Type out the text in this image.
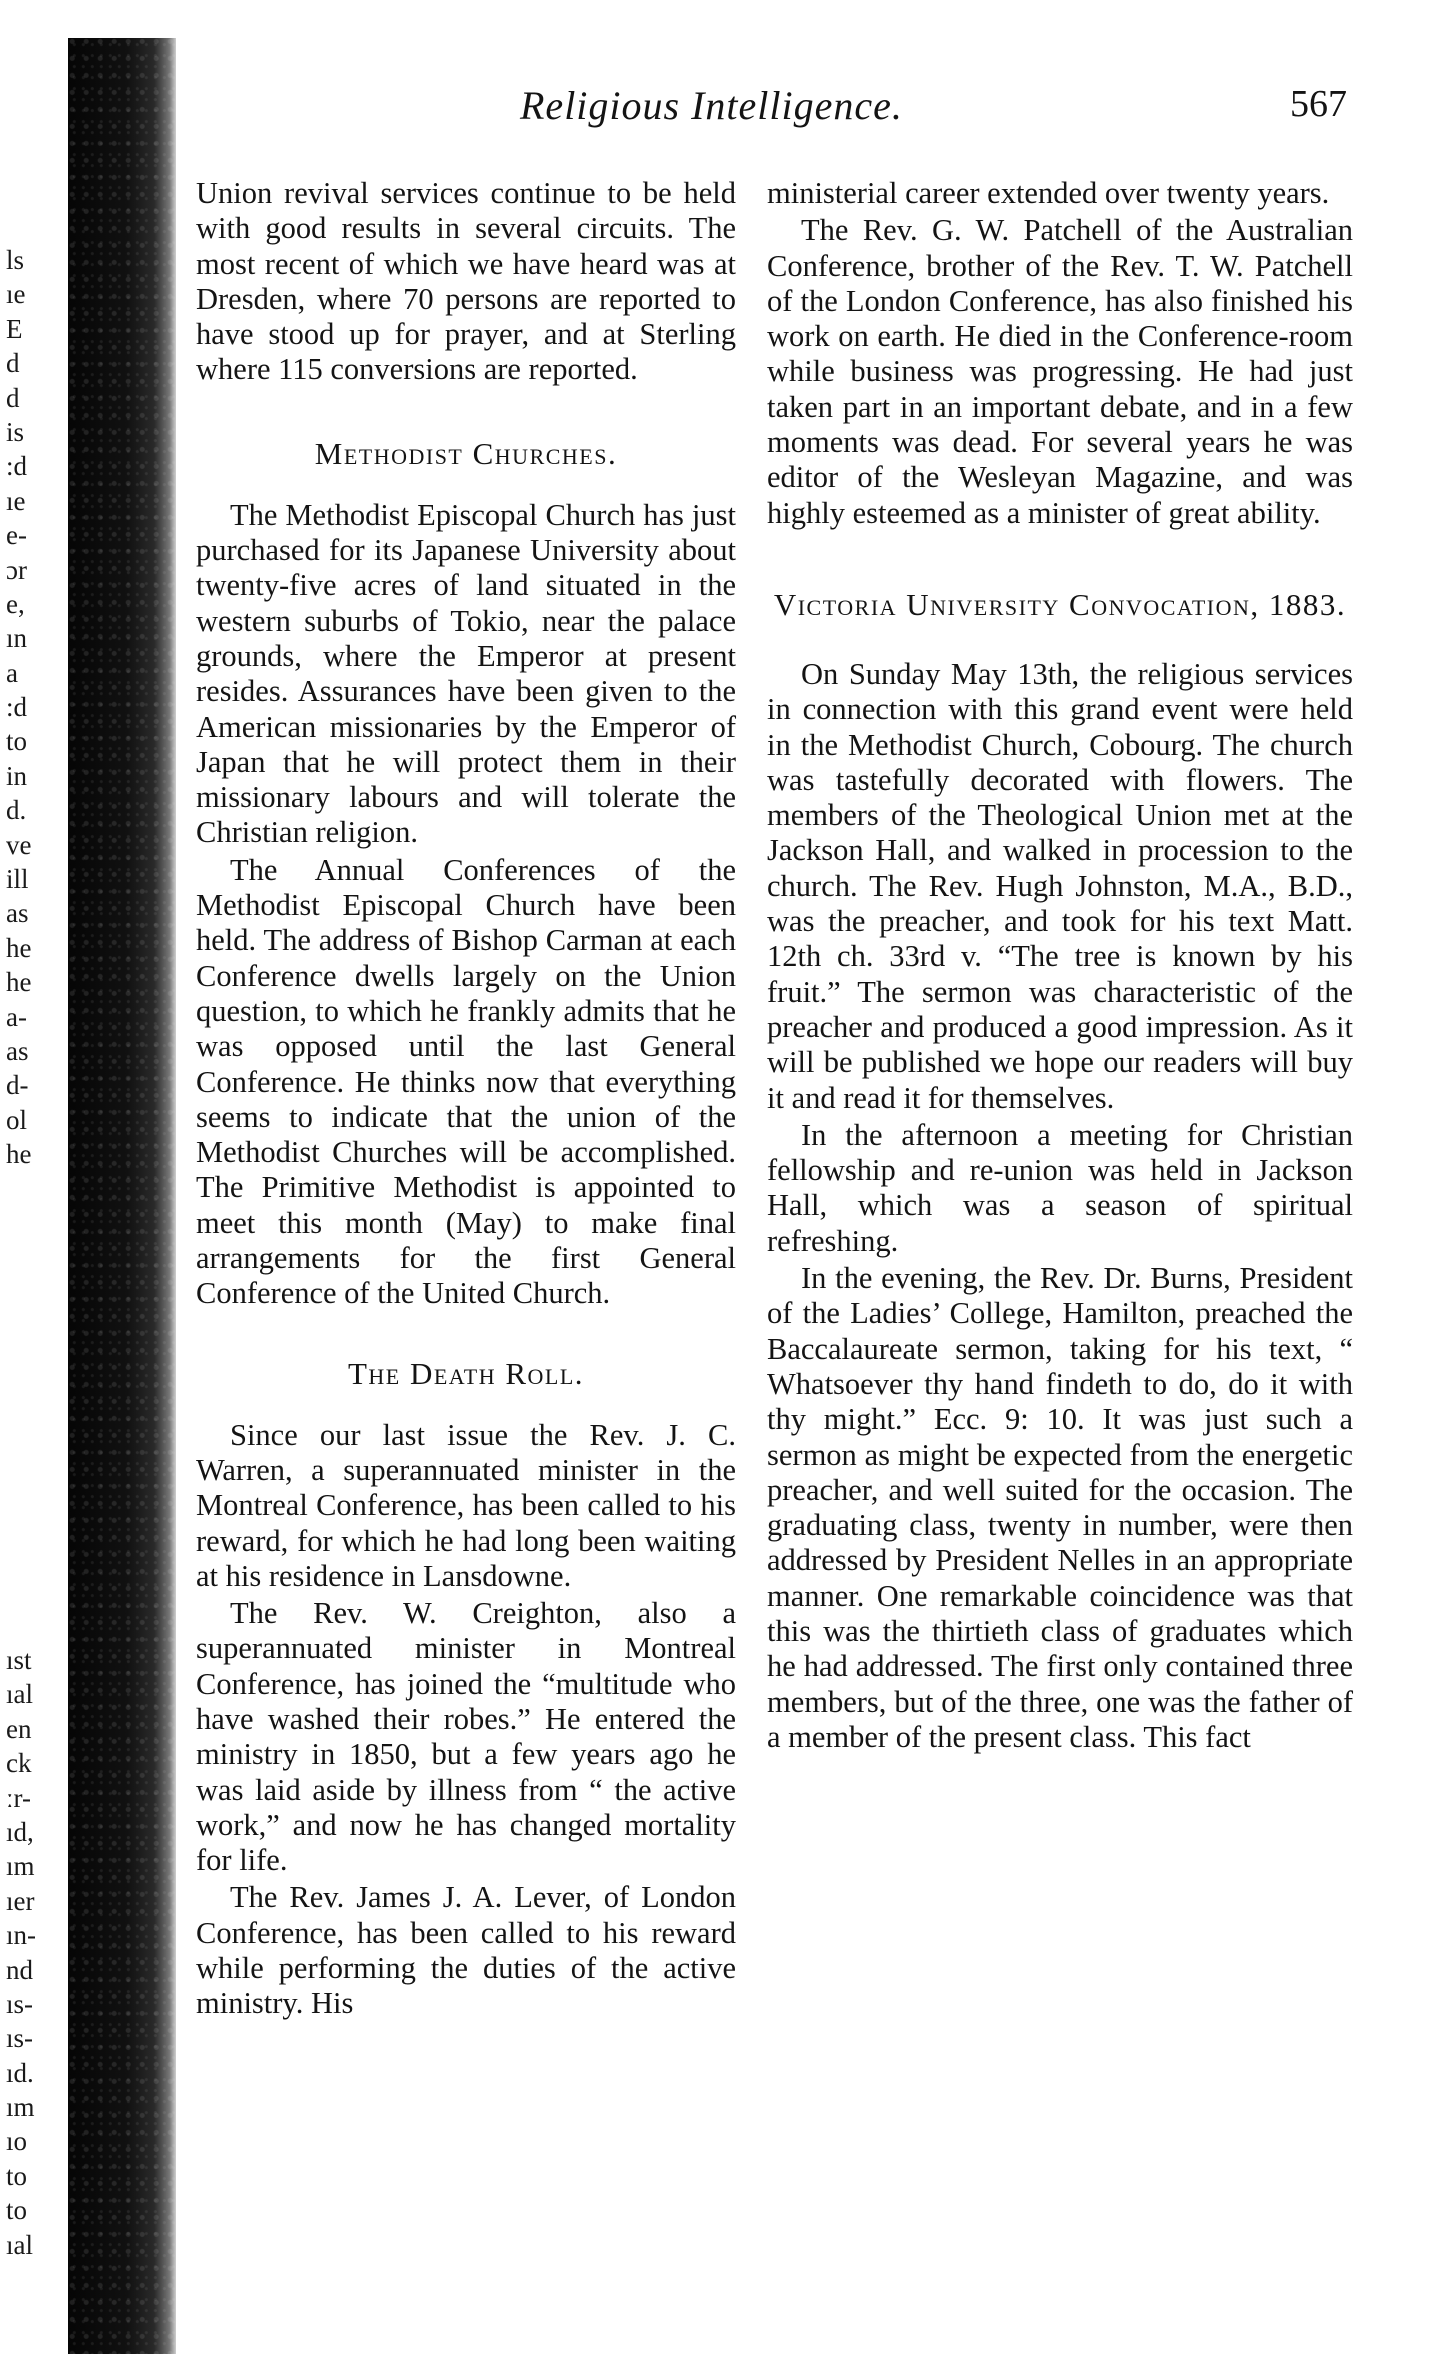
ls
ıe
E
d
d
is
:d
ıe
e-
ɔr
e,
ın
a
:d
to
in
d.
ve
ill
as
he
he
a-
as
d-
ol
he
ıst
ıal
en
ck
ːr-
ıd,
ım
ıer
ın-
nd
ıs-
ıs-
ıd.
ım
ıo
to
to
ıal
Religious Intelligence.	567

Union revival services continue to be held with good results in several circuits. The most recent of which we have heard was at Dresden, where 70 persons are reported to have stood up for prayer, and at Sterling where 115 conversions are reported.

Methodist Churches.

The Methodist Episcopal Church has just purchased for its Japanese University about twenty-five acres of land situated in the western suburbs of Tokio, near the palace grounds, where the Emperor at present resides. Assurances have been given to the American missionaries by the Emperor of Japan that he will protect them in their missionary labours and will tolerate the Christian religion.

The Annual Conferences of the Methodist Episcopal Church have been held. The address of Bishop Carman at each Conference dwells largely on the Union question, to which he frankly admits that he was opposed until the last General Conference. He thinks now that everything seems to indicate that the union of the Methodist Churches will be accomplished. The Primitive Methodist is appointed to meet this month (May) to make final arrangements for the first General Conference of the United Church.

The Death Roll.

Since our last issue the Rev. J. C. Warren, a superannuated minister in the Montreal Conference, has been called to his reward, for which he had long been waiting at his residence in Lansdowne.

The Rev. W. Creighton, also a superannuated minister in Montreal Conference, has joined the “multitude who have washed their robes.” He entered the ministry in 1850, but a few years ago he was laid aside by illness from “ the active work,” and now he has changed mortality for life.

The Rev. James J. A. Lever, of London Conference, has been called to his reward while performing the duties of the active ministry. His

ministerial career extended over twenty years.

The Rev. G. W. Patchell of the Australian Conference, brother of the Rev. T. W. Patchell of the London Conference, has also finished his work on earth. He died in the Conference-room while business was progressing. He had just taken part in an important debate, and in a few moments was dead. For several years he was editor of the Wesleyan Magazine, and was highly esteemed as a minister of great ability.

Victoria University Convocation, 1883.

On Sunday May 13th, the religious services in connection with this grand event were held in the Methodist Church, Cobourg. The church was tastefully decorated with flowers. The members of the Theological Union met at the Jackson Hall, and walked in procession to the church. The Rev. Hugh Johnston, M.A., B.D., was the preacher, and took for his text Matt. 12th ch. 33rd v. “The tree is known by his fruit.” The sermon was characteristic of the preacher and produced a good impression. As it will be published we hope our readers will buy it and read it for themselves.

In the afternoon a meeting for Christian fellowship and re-union was held in Jackson Hall, which was a season of spiritual refreshing.

In the evening, the Rev. Dr. Burns, President of the Ladies’ College, Hamilton, preached the Baccalaureate sermon, taking for his text, “ Whatsoever thy hand findeth to do, do it with thy might.” Ecc. 9: 10. It was just such a sermon as might be expected from the energetic preacher, and well suited for the occasion. The graduating class, twenty in number, were then addressed by President Nelles in an appropriate manner. One remarkable coincidence was that this was the thirtieth class of graduates which he had addressed. The first only contained three members, but of the three, one was the father of a member of the present class. This fact
